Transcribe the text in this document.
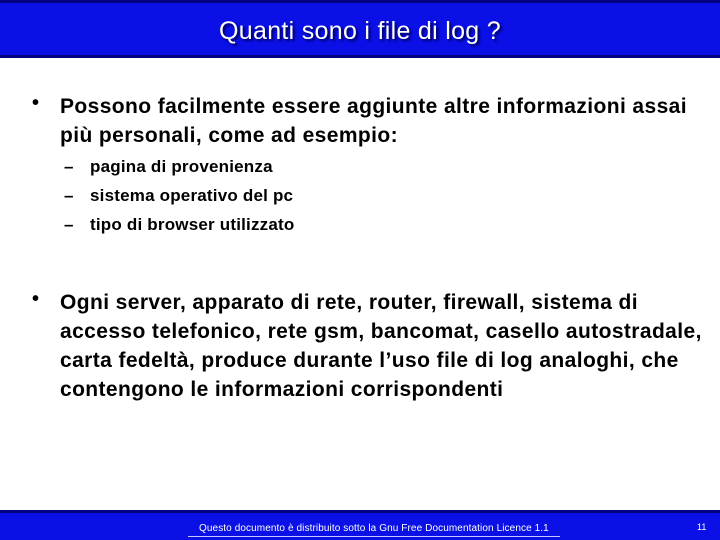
Quanti sono i file di log ?
• Possono facilmente essere aggiunte altre informazioni assai più personali, come ad esempio:
– pagina di provenienza
– sistema operativo del pc
– tipo di browser utilizzato
• Ogni server, apparato di rete, router, firewall, sistema di accesso telefonico, rete gsm, bancomat, casello autostradale, carta fedeltà, produce durante l’uso file di log analoghi, che contengono le informazioni corrispondenti
Questo documento è distribuito sotto la Gnu Free Documentation Licence 1.1	11
